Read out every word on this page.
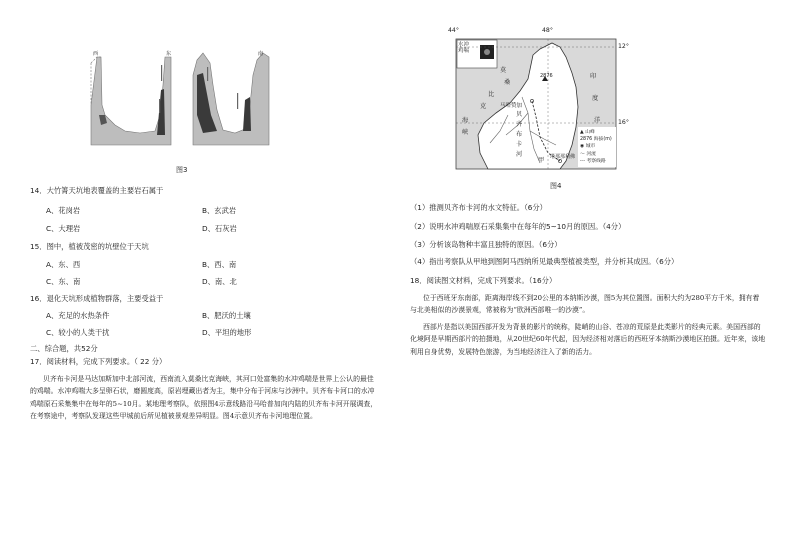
西	东	南
图3
14．大竹箐天坑地表覆盖的主要岩石属于
A、花岗岩	B、玄武岩
C、大理岩	D、石灰岩
15．图中，植被茂密的坑壁位于天坑
A、东、西	B、西、南
C、东、南	D、南、北
16．退化天坑形成植物群落，主要受益于
A、充足的水热条件	B、肥沃的土壤
C、较小的人类干扰	D、平坦的地形
二、综合题，共52分
17．阅读材料，完成下列要求。（ 22 分）

贝齐布卡河是马达加斯加中北部河流，西南流入莫桑比克海峡，其河口处富集的水冲鸡喘是世界上公认的最佳的鸡喘。水冲鸡喘大多呈卵石状，磨圆度高，原岩埋藏出者为主，集中分布于河床与沙洲中。贝齐布卡河口的水冲鸡喘原石采集集中在每年的5~10月。某地理考察队，依照图4示意线路沿马哈普加向内陆的贝齐布卡河开展调查，在考察途中，考察队发现这些甲城前后所见植被景观差异明显。图4示意贝齐布卡河地理位置。

44°	48°
12°
16°
水冲
鸡喘
2876
莫
桑
比
克
海
峡
印
度
洋
马哈赞加
贝
齐
布
卡
河
甲 塔那那利佛
▲ 山峰
2876 海拔(m)
◉ 城市
～ 河流
-·- 考察线路
图4
（1）推测贝齐布卡河的水文特征。（6分）
（2）说明水冲鸡喘原石采集集中在每年的5~10月的原因。（4分）
（3）分析该岛物种丰富且独特的原因。（6分）
（4）指出考察队从甲地到图阿马西纳所见最典型植被类型，并分析其成因。（6分）
18．阅读图文材料，完成下列要求。（16分）

位于西班牙东南部，距离海岸线不到20公里的本纳斯沙漠，图5为其位置图。面积大约为280平方千米，拥有着与北美相似的沙漠景观，常被称为“欧洲西部唯一的沙漠”。

西部片是指以美国西部开发为背景的影片的统称，陡峭的山谷、苍凉的荒原是此类影片的经典元素。美国西部的化境阿是早期西部片的拍摄地，从20世纪60年代起，因为经济相对落后的西班牙本纳斯沙漠地区拍摄。近年来，该地利用自身优势，发展特色旅游，为当地经济注入了新的活力。
